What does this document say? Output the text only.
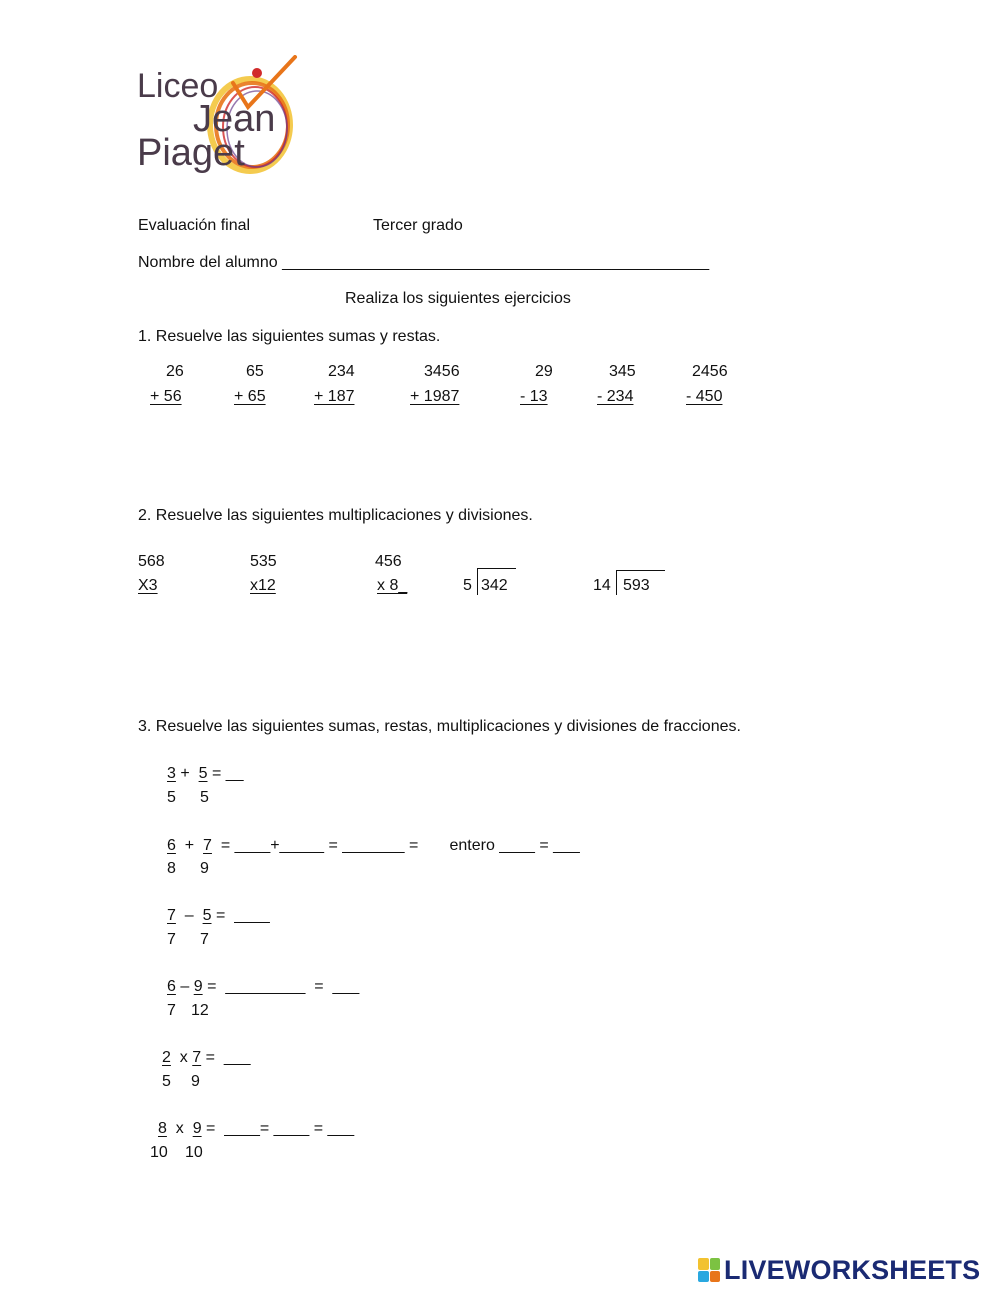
Liceo
Jean
Piaget
Evaluación final	Tercer grado
Nombre del alumno ________________________________________________
Realiza los siguientes ejercicios
1. Resuelve las siguientes sumas y restas.
26
+ 56
65
+ 65
234
+ 187
3456
+ 1987
29
- 13
345
- 234
2456
- 450
2. Resuelve las siguientes multiplicaciones y divisiones.
568
X3
535
x12
456
x 8_	5 342	14 593
3. Resuelve las siguientes sumas, restas, multiplicaciones y divisiones de fracciones.
3 + 5 = __
5 5
6 + 7 = ____+_____ = _______ =       entero ____ = ___
8 9
7 – 5 =  ____
7 7
6 – 9 =  _________  =  ___
7 12
2 x 7 =  ___
5 9
8 x 9 =  ____= ____ = ___
10 10
LIVEWORKSHEETS
